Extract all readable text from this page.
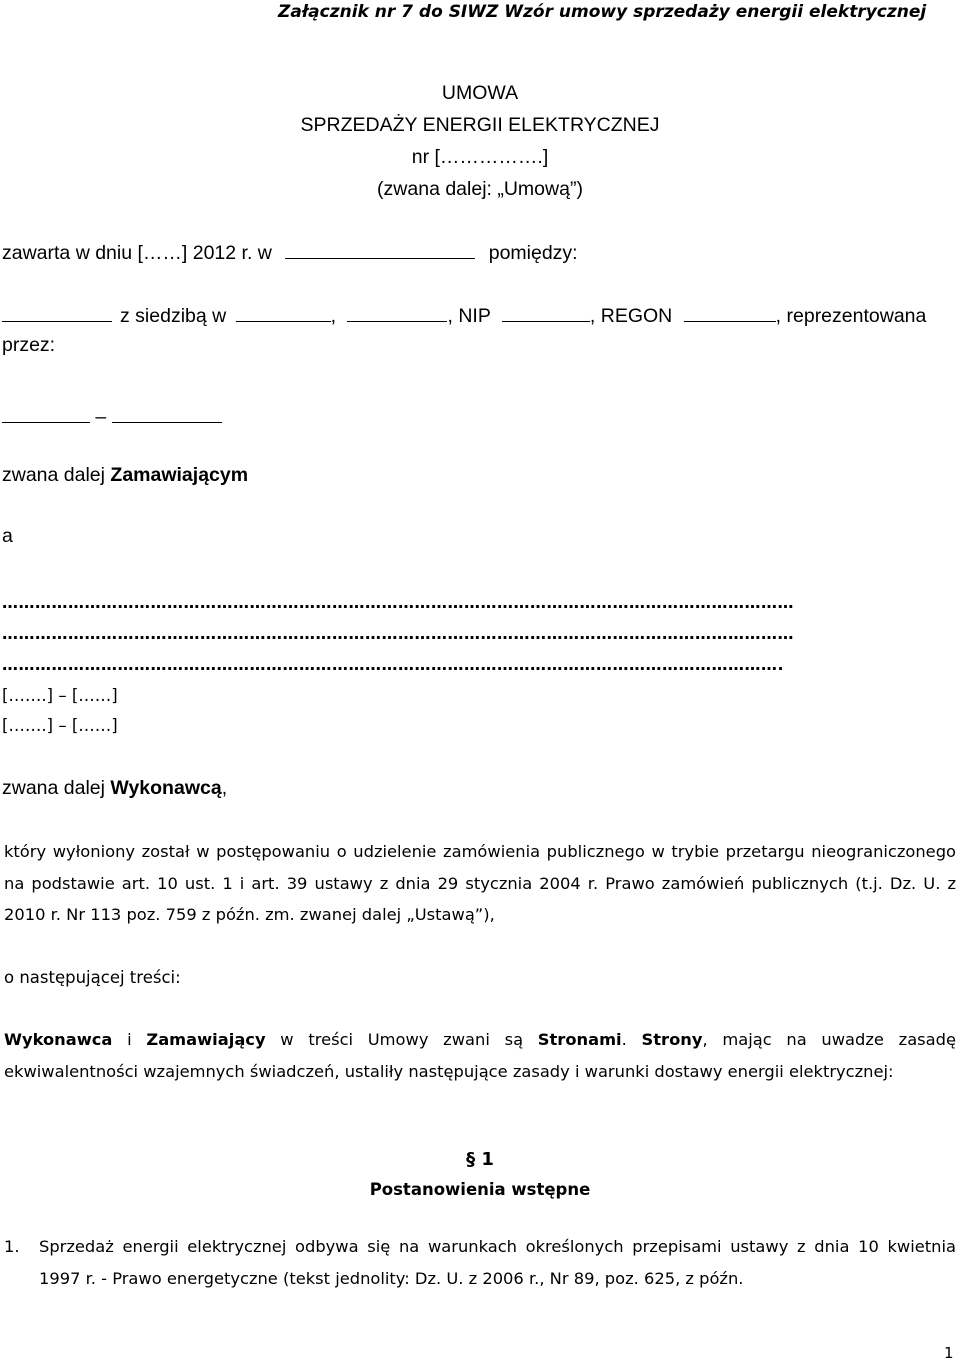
Załącznik nr 7 do SIWZ Wzór umowy sprzedaży energii elektrycznej
UMOWA
SPRZEDAŻY ENERGII ELEKTRYCZNEJ
nr […………….]
(zwana dalej: „Umową”)
zawarta w dniu [……] 2012 r. w	pomiędzy:
z siedzibą w	,	, NIP	, REGON	, reprezentowana
przez:
–
zwana dalej Zamawiającym
a
………………………………………………………………………………………………………………………………
………………………………………………………………………………………………………………………………
…………………………………………………………………………………………………………………………….
[…….] – [……]
[…….] – [……]
zwana dalej Wykonawcą,
który wyłoniony został w postępowaniu o udzielenie zamówienia publicznego w trybie przetargu nieograniczonego na podstawie art. 10 ust. 1 i art. 39 ustawy z dnia 29 stycznia 2004 r. Prawo zamówień publicznych (t.j. Dz. U. z 2010 r. Nr 113 poz. 759 z późn. zm. zwanej dalej „Ustawą”),
o następującej treści:
Wykonawca i Zamawiający w treści Umowy zwani są Stronami. Strony, mając na uwadze zasadę ekwiwalentności wzajemnych świadczeń, ustaliły następujące zasady i warunki dostawy energii elektrycznej:
§ 1
Postanowienia wstępne
1. Sprzedaż energii elektrycznej odbywa się na warunkach określonych przepisami ustawy z dnia 10 kwietnia 1997 r. - Prawo energetyczne (tekst jednolity: Dz. U. z 2006 r., Nr 89, poz. 625, z późn.
1
